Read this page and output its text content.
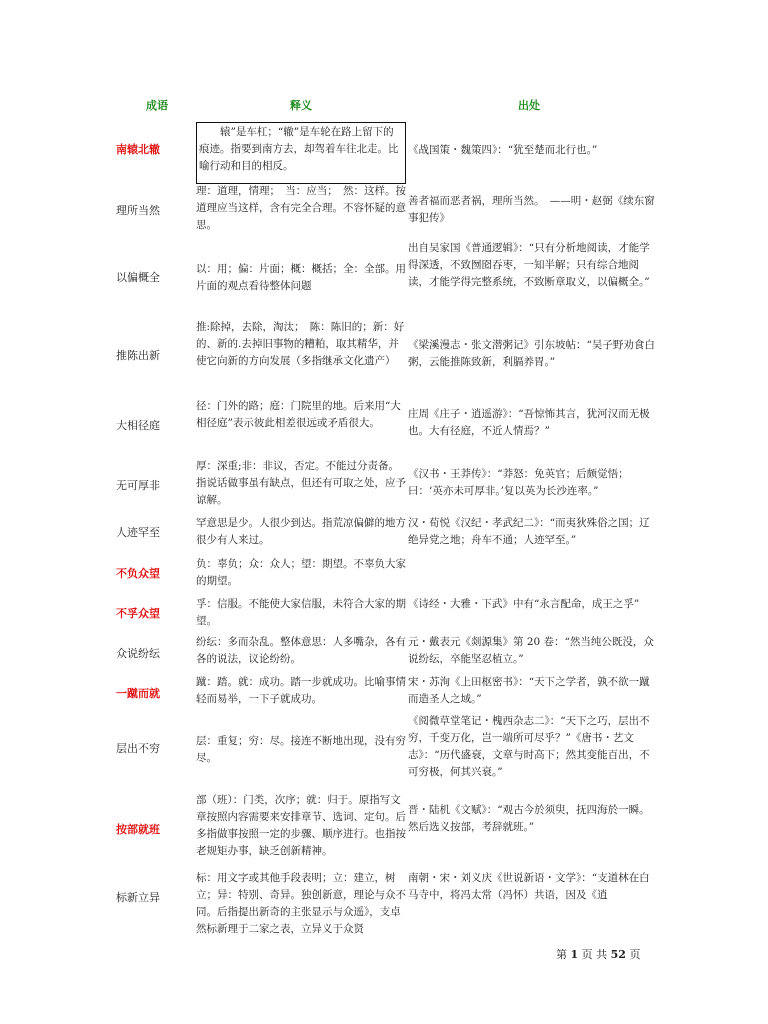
成语	释义	出处
南辕北辙
　　辕”是车杠；“辙”是车轮在路上留下的痕迹。指要到南方去，却驾着车往北走。比喻行动和目的相反。
《战国策・魏策四》：“犹至楚而北行也。”
理所当然
理：道理，情理；　当：应当；　然：这样。按道理应当这样，含有完全合理。不容怀疑的意思。
善者福而恶者祸，理所当然。　——明・赵弼《续东窗事犯传》
以偏概全
以：用；偏：片面；概：概括；全：全部。用片面的观点看待整体问题
出自吴家国《普通逻辑》：“只有分析地阅读，才能学得深透，不致囫囵吞枣，一知半解；只有综合地阅读，才能学得完整系统，不致断章取义，以偏概全。”
推陈出新
推:除掉，去除，淘汰；　陈：陈旧的；新：好的、新的.去掉旧事物的糟粕，取其精华，并使它向新的方向发展（多指继承文化遗产）
《梁溪漫志・张文潜粥记》引东坡帖：“吴子野劝食白粥，云能推陈致新，利膈养胃。”
大相径庭
径：门外的路；庭：门院里的地。后来用“大相径庭”表示彼此相差很远或矛盾很大。
庄周《庄子・逍遥游》：“吾惊怖其言，犹河汉而无极也。大有径庭，不近人情焉？”
无可厚非
厚：深重;非：非议，否定。不能过分责备。指说话做事虽有缺点，但还有可取之处，应予谅解。
《汉书・王莽传》：“莽怒：免英官；后颇觉悟；曰：‘英亦未可厚非。’复以英为长沙连率。”
人迹罕至
罕意思是少。人很少到达。指荒凉偏僻的地方很少有人来过。
汉・荀悦《汉纪・孝武纪二》：“而夷狄殊俗之国；辽绝异党之地；舟车不通；人迹罕至。”
不负众望
负：辜负；众：众人；望：期望。不辜负大家的期望。
不孚众望
孚：信服。不能使大家信服，未符合大家的期望。
《诗经・大雅・下武》中有“永言配命，成王之孚”
众说纷纭
纷纭：多而杂乱。整体意思：人多嘴杂，各有各的说法，议论纷纷。
元・戴表元《剡源集》第 20 卷：“然当纯公既没，众说纷纭，卒能坚忍植立。”
一蹴而就
蹴：踏。就：成功。踏一步就成功。比喻事情轻而易举，一下子就成功。
宋・苏洵《上田枢密书》：“天下之学者，孰不欲一蹴而造圣人之域。”
层出不穷
层：重复；穷：尽。接连不断地出现，没有穷尽。
《阅微草堂笔记・槐西杂志二》：“天下之巧，层出不穷，千变万化，岂一端所可尽乎？”《唐书・艺文志》：“历代盛衰，文章与时高下；然其变能百出，不可穷极，何其兴衰。”
按部就班
部（班）：门类，次序；就：归于。原指写文章按照内容需要来安排章节、选词、定句。后多指做事按照一定的步骤、顺序进行。也指按老规矩办事，缺乏创新精神。
晋・陆机《文赋》：“观古今於须臾，抚四海於一瞬。然后选义按部，考辞就班。”
标新立异
标：用文字或其他手段表明；立：建立，树立；异：特别、奇异。独创新意，理论与众不同。后指提出新奇的主张显示与众遥》，支卓然标新理于二家之表，立异义于众贤
南朝・宋・刘义庆《世说新语・文学》：“支道林在白马寺中，将冯太常（冯怀）共语，因及《逍
第 1 页 共 52 页
